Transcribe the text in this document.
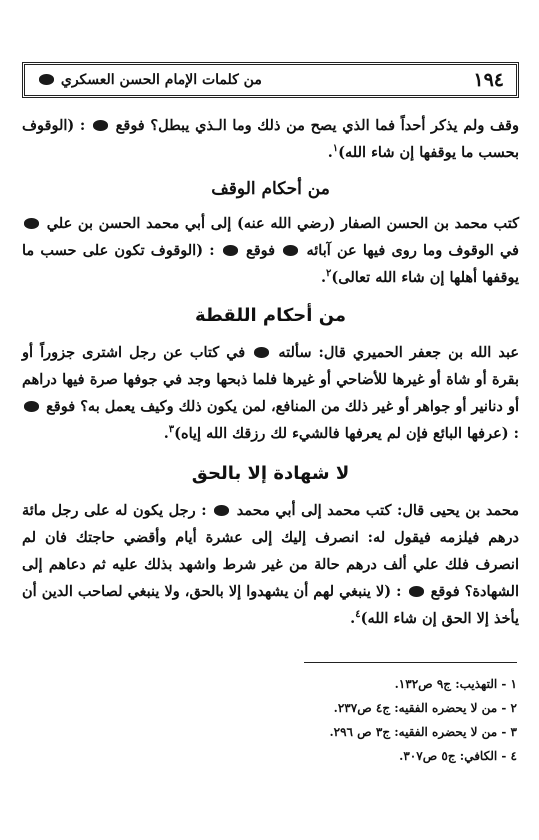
١٩٤
من كلمات الإمام الحسن العسكري

وقف ولم يذكر أحداً فما الذي يصح من ذلك وما الـذي يبطل؟ فوقع  : (الوقوف بحسب ما يوقفها إن شاء الله)$^١$.

من أحكام الوقف

كتب محمد بن الحسن الصفار (رضي الله عنه) إلى أبي محمد الحسن بن علي  في الوقوف وما روى فيها عن آبائه  فوقع  : (الوقوف تكون على حسب ما يوقفها أهلها إن شاء الله تعالى)$^٢$.

من أحكام اللقطة

عبد الله بن جعفر الحميري قال: سألته  في كتاب عن رجل اشترى جزوراً أو بقرة أو شاة أو غيرها للأضاحي أو غيرها فلما ذبحها وجد في جوفها صرة فيها دراهم أو دنانير أو جواهر أو غير ذلك من المنافع، لمن يكون ذلك وكيف يعمل به؟ فوقع  : (عرفها البائع فإن لم يعرفها فالشيء لك رزقك الله إياه)$^٣$.

لا شهادة إلا بالحق

محمد بن يحيى قال: كتب محمد إلى أبي محمد  : رجل يكون له على رجل مائة درهم فيلزمه فيقول له: انصرف إليك إلى عشرة أيام وأقضي حاجتك فان لم انصرف فلك علي ألف درهم حالة من غير شرط واشهد بذلك عليه ثم دعاهم إلى الشهادة؟ فوقع  : (لا ينبغي لهم أن يشهدوا إلا بالحق، ولا ينبغي لصاحب الدين أن يأخذ إلا الحق إن شاء الله)$^٤$.

١ - التهذيب: ج٩ ص١٣٢.
٢ - من لا يحضره الفقيه: ج٤ ص٢٣٧.
٣ - من لا يحضره الفقيه: ج٣ ص ٢٩٦.
٤ - الكافي: ج٥ ص٣٠٧.
